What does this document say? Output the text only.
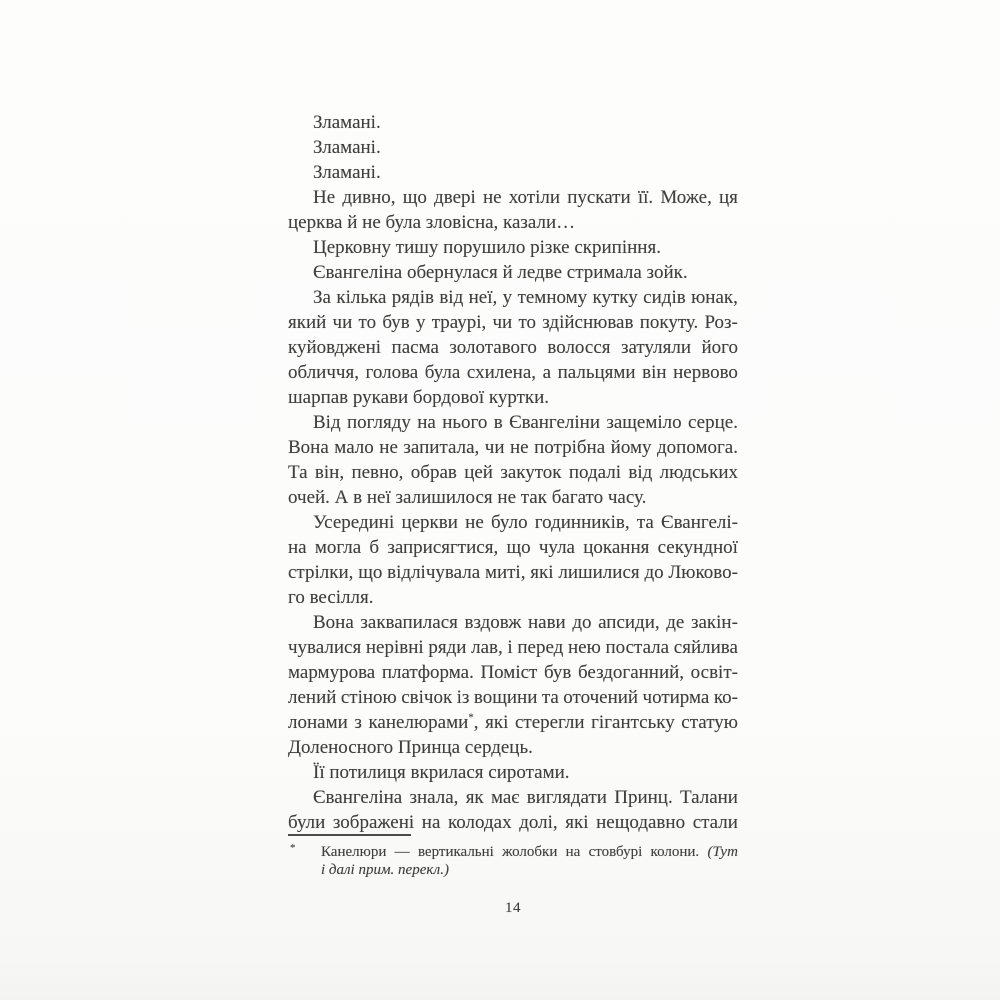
Зламані.
Зламані.
Зламані.
Не дивно, що двері не хотіли пускати її. Може, ця
церква й не була зловісна, казали…
Церковну тишу порушило різке скрипіння.
Євангеліна обернулася й ледве стримала зойк.
За кілька рядів від неї, у темному кутку сидів юнак,
який чи то був у траурі, чи то здійснював покуту. Роз-
куйовджені пасма золотавого волосся затуляли його
обличчя, голова була схилена, а пальцями він нервово
шарпав рукави бордової куртки.
Від погляду на нього в Євангеліни защеміло серце.
Вона мало не запитала, чи не потрібна йому допомога.
Та він, певно, обрав цей закуток подалі від людських
очей. А в неї залишилося не так багато часу.
Усередині церкви не було годинників, та Євангелі-
на могла б заприсягтися, що чула цокання секундної
стрілки, що відлічувала миті, які лишилися до Люково-
го весілля.
Вона заквапилася вздовж нави до апсиди, де закін-
чувалися нерівні ряди лав, і перед нею постала сяйлива
мармурова платформа. Поміст був бездоганний, освіт-
лений стіною свічок із вощини та оточений чотирма ко-
лонами з канелюрами*, які стерегли гігантську статую
Доленосного Принца сердець.
Її потилиця вкрилася сиротами.
Євангеліна знала, як має виглядати Принц. Талани
були зображені на колодах долі, які нещодавно стали
* Канелюри — вертикальні жолобки на стовбурі колони. (Тут
і далі прим. перекл.)
14
